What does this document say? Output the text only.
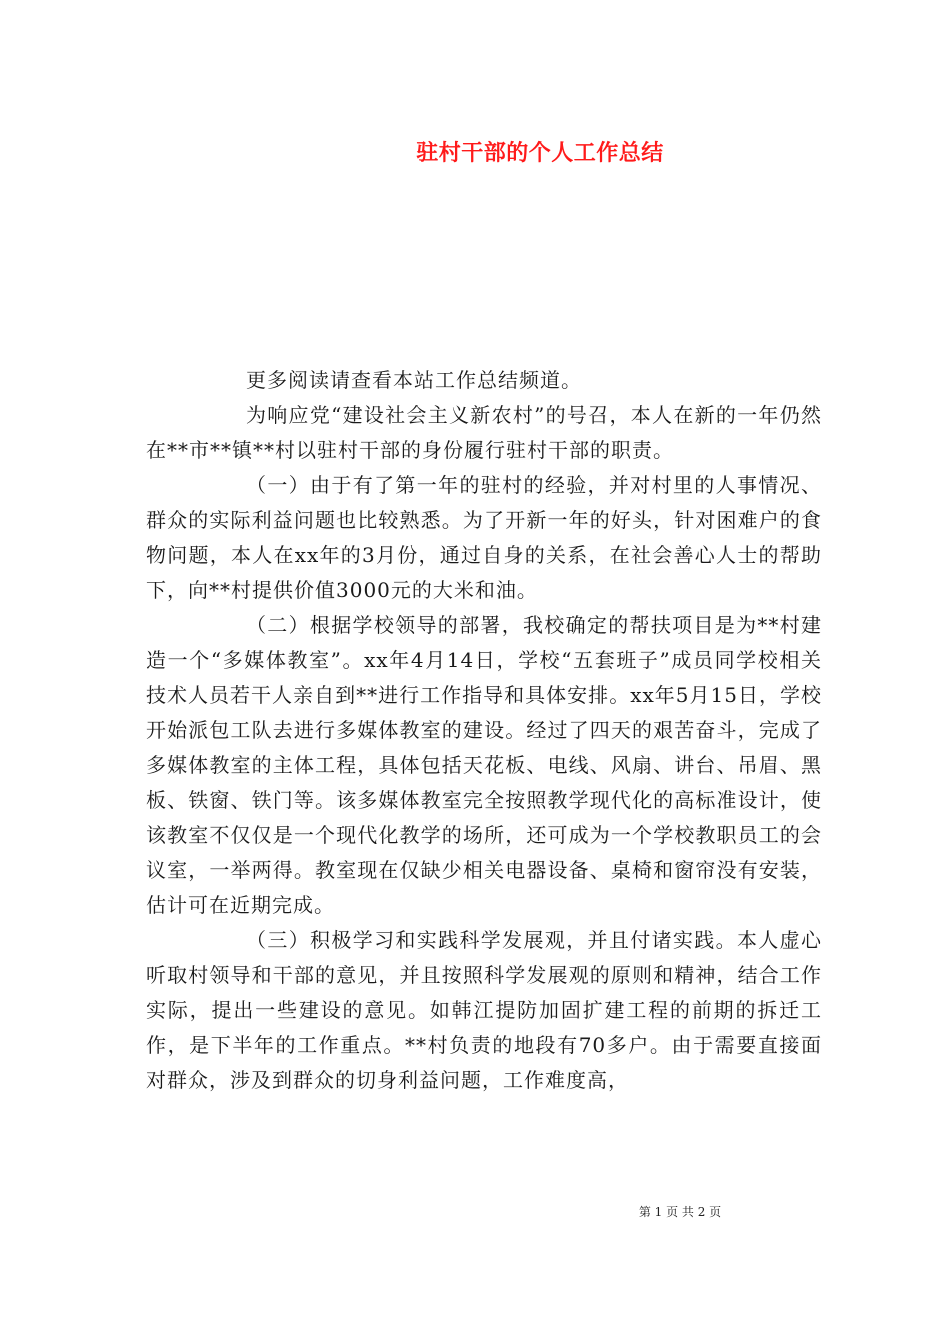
驻村干部的个人工作总结

更多阅读请查看本站工作总结频道。

为响应党“建设社会主义新农村”的号召，本人在新的一年仍然在**市**镇**村以驻村干部的身份履行驻村干部的职责。

（一）由于有了第一年的驻村的经验，并对村里的人事情况、群众的实际利益问题也比较熟悉。为了开新一年的好头，针对困难户的食物问题，本人在xx年的3月份，通过自身的关系，在社会善心人士的帮助下，向**村提供价值3000元的大米和油。

（二）根据学校领导的部署，我校确定的帮扶项目是为**村建造一个“多媒体教室”。xx年4月14日，学校“五套班子”成员同学校相关技术人员若干人亲自到**进行工作指导和具体安排。xx年5月15日，学校开始派包工队去进行多媒体教室的建设。经过了四天的艰苦奋斗，完成了多媒体教室的主体工程，具体包括天花板、电线、风扇、讲台、吊眉、黑板、铁窗、铁门等。该多媒体教室完全按照教学现代化的高标准设计，使该教室不仅仅是一个现代化教学的场所，还可成为一个学校教职员工的会议室，一举两得。教室现在仅缺少相关电器设备、桌椅和窗帘没有安装，估计可在近期完成。

（三）积极学习和实践科学发展观，并且付诸实践。本人虚心听取村领导和干部的意见，并且按照科学发展观的原则和精神，结合工作实际，提出一些建设的意见。如韩江提防加固扩建工程的前期的拆迁工作，是下半年的工作重点。**村负责的地段有70多户。由于需要直接面对群众，涉及到群众的切身利益问题，工作难度高，

第 1 页 共 2 页
